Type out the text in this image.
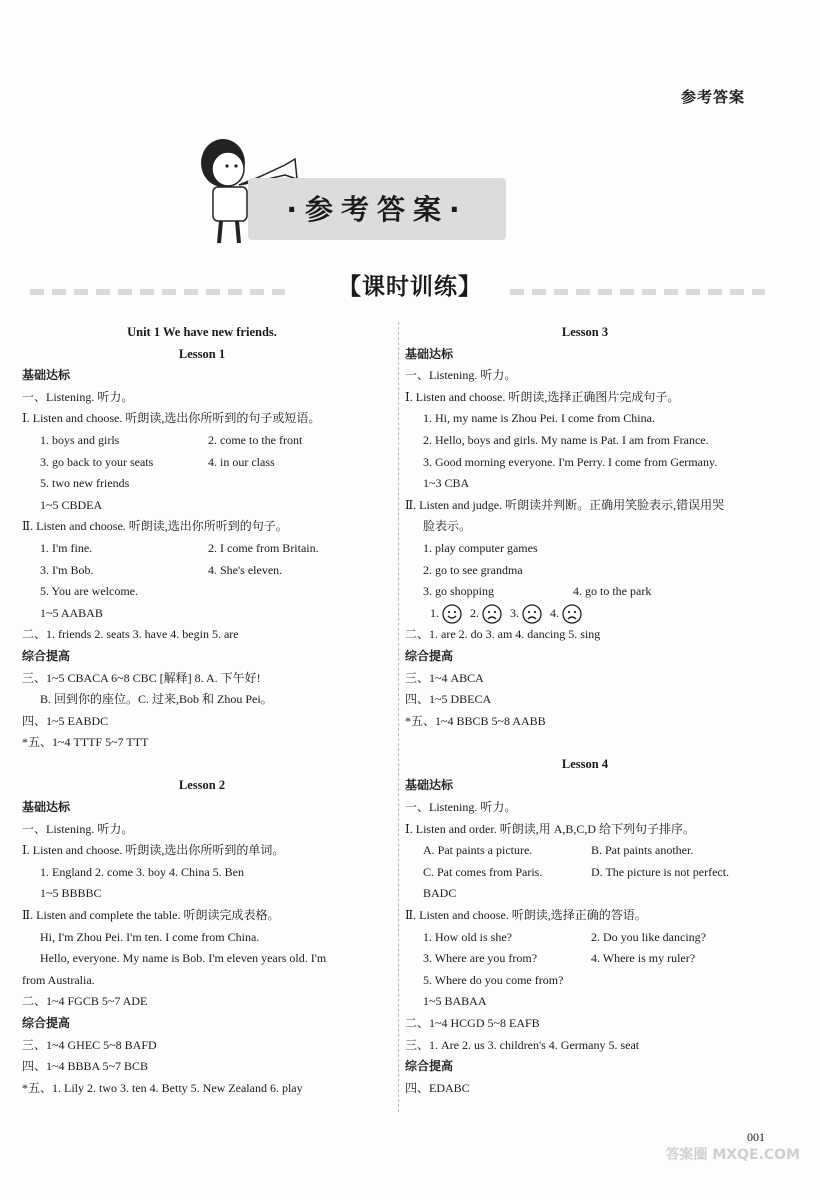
参考答案
·参考答案·
【课时训练】
Unit 1 We have new friends.
Lesson 1
基础达标
一、Listening. 听力。
Ⅰ. Listen and choose. 听朗读,选出你所听到的句子或短语。
1. boys and girls	2. come to the front
3. go back to your seats	4. in our class
5. two new friends
1~5 CBDEA
Ⅱ. Listen and choose. 听朗读,选出你所听到的句子。
1. I'm fine.	2. I come from Britain.
3. I'm Bob.	4. She's eleven.
5. You are welcome.
1~5 AABAB
二、1. friends 2. seats 3. have 4. begin 5. are
综合提高
三、1~5 CBACA 6~8 CBC [解释] 8. A. 下午好!
B. 回到你的座位。C. 过来,Bob 和 Zhou Pei。
四、1~5 EABDC
*五、1~4 TTTF 5~7 TTT
Lesson 2
基础达标
一、Listening. 听力。
Ⅰ. Listen and choose. 听朗读,选出你所听到的单词。
1. England 2. come 3. boy 4. China 5. Ben
1~5 BBBBC
Ⅱ. Listen and complete the table. 听朗读完成表格。
Hi, I'm Zhou Pei. I'm ten. I come from China.
Hello, everyone. My name is Bob. I'm eleven years old. I'm
from Australia.
二、1~4 FGCB 5~7 ADE
综合提高
三、1~4 GHEC 5~8 BAFD
四、1~4 BBBA 5~7 BCB
*五、1. Lily 2. two 3. ten 4. Betty 5. New Zealand 6. play
Lesson 3
基础达标
一、Listening. 听力。
Ⅰ. Listen and choose. 听朗读,选择正确图片完成句子。
1. Hi, my name is Zhou Pei. I come from China.
2. Hello, boys and girls. My name is Pat. I am from France.
3. Good morning everyone. I'm Perry. I come from Germany.
1~3 CBA
Ⅱ. Listen and judge. 听朗读并判断。正确用笑脸表示,错误用哭
脸表示。
1. play computer games
2. go to see grandma
3. go shopping	4. go to the park
1.	2.	3.	4.
二、1. are 2. do 3. am 4. dancing 5. sing
综合提高
三、1~4 ABCA
四、1~5 DBECA
*五、1~4 BBCB 5~8 AABB
Lesson 4
基础达标
一、Listening. 听力。
Ⅰ. Listen and order. 听朗读,用 A,B,C,D 给下列句子排序。
A. Pat paints a picture.	B. Pat paints another.
C. Pat comes from Paris.	D. The picture is not perfect.
BADC
Ⅱ. Listen and choose. 听朗读,选择正确的答语。
1. How old is she?	2. Do you like dancing?
3. Where are you from?	4. Where is my ruler?
5. Where do you come from?
1~5 BABAA
二、1~4 HCGD 5~8 EAFB
三、1. Are 2. us 3. children's 4. Germany 5. seat
综合提高
四、EDABC
答案圈 MXQE.COM
001
